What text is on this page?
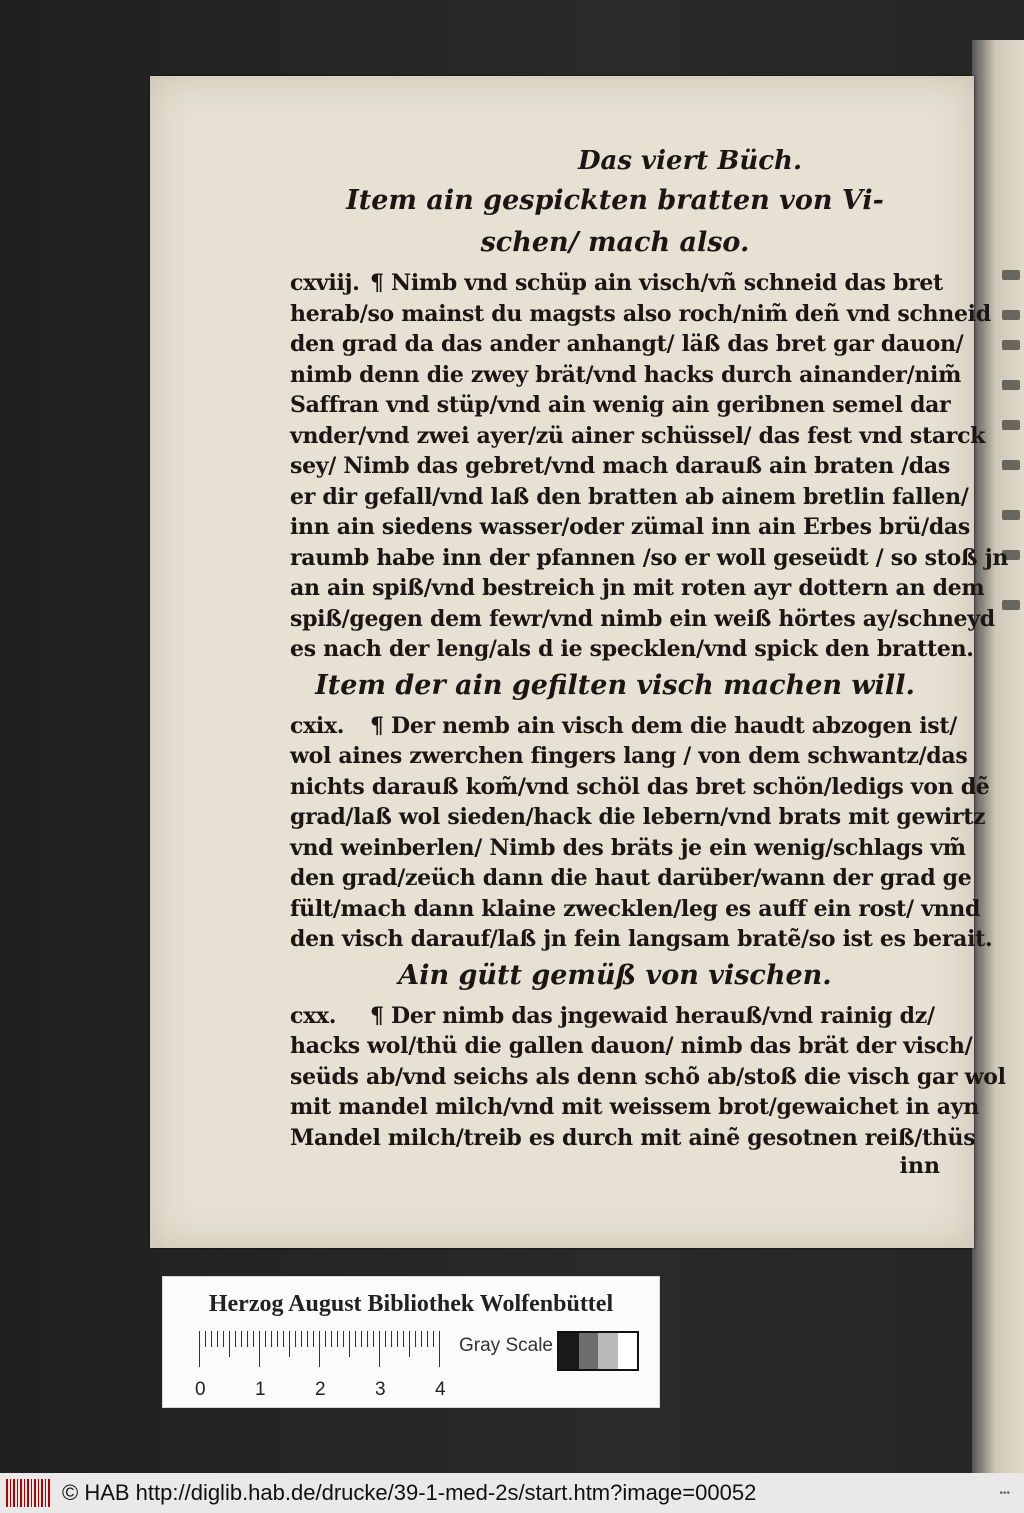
Das viert Büch.
Item ain gespickten bratten von Vi-
schen/ mach also.
cxviij. ¶ Nimb vnd schüp ain visch/vñ schneid das bret
herab/so mainst du magsts also roch/nim̃ deñ vnd schneid
den grad da das ander anhangt/ läß das bret gar dauon/
nimb denn die zwey brät/vnd hacks durch ainander/nim̃
Saffran vnd stüp/vnd ain wenig ain geribnen semel dar
vnder/vnd zwei ayer/zü ainer schüssel/ das fest vnd starck
sey/ Nimb das gebret/vnd mach darauß ain braten /das
er dir gefall/vnd laß den bratten ab ainem bretlin fallen/
inn ain siedens wasser/oder zümal inn ain Erbes brü/das
raumb habe inn der pfannen /so er woll geseüdt / so stoß jn
an ain spiß/vnd bestreich jn mit roten ayr dottern an dem
spiß/gegen dem fewr/vnd nimb ein weiß hörtes ay/schneyd
es nach der leng/als d ie specklen/vnd spick den bratten.
Item der ain gefilten visch machen will.
cxix. ¶ Der nemb ain visch dem die haudt abzogen ist/
wol aines zwerchen fingers lang / von dem schwantz/das
nichts darauß kom̃/vnd schöl das bret schön/ledigs von dẽ
grad/laß wol sieden/hack die lebern/vnd brats mit gewirtz
vnd weinberlen/ Nimb des bräts je ein wenig/schlags vm̃
den grad/zeüch dann die haut darüber/wann der grad ge
fült/mach dann klaine zwecklen/leg es auff ein rost/ vnnd
den visch darauf/laß jn fein langsam bratẽ/so ist es berait.
Ain gütt gemüß von vischen.
cxx. ¶ Der nimb das jngewaid herauß/vnd rainig dz/
hacks wol/thü die gallen dauon/ nimb das brät der visch/
seüds ab/vnd seichs als denn schõ ab/stoß die visch gar wol
mit mandel milch/vnd mit weissem brot/gewaichet in ayn
Mandel milch/treib es durch mit ainẽ gesotnen reiß/thüs
inn
Herzog August Bibliothek Wolfenbüttel
0	1	2	3	4
Gray Scale
© HAB http://diglib.hab.de/drucke/39-1-med-2s/start.htm?image=00052	•••
